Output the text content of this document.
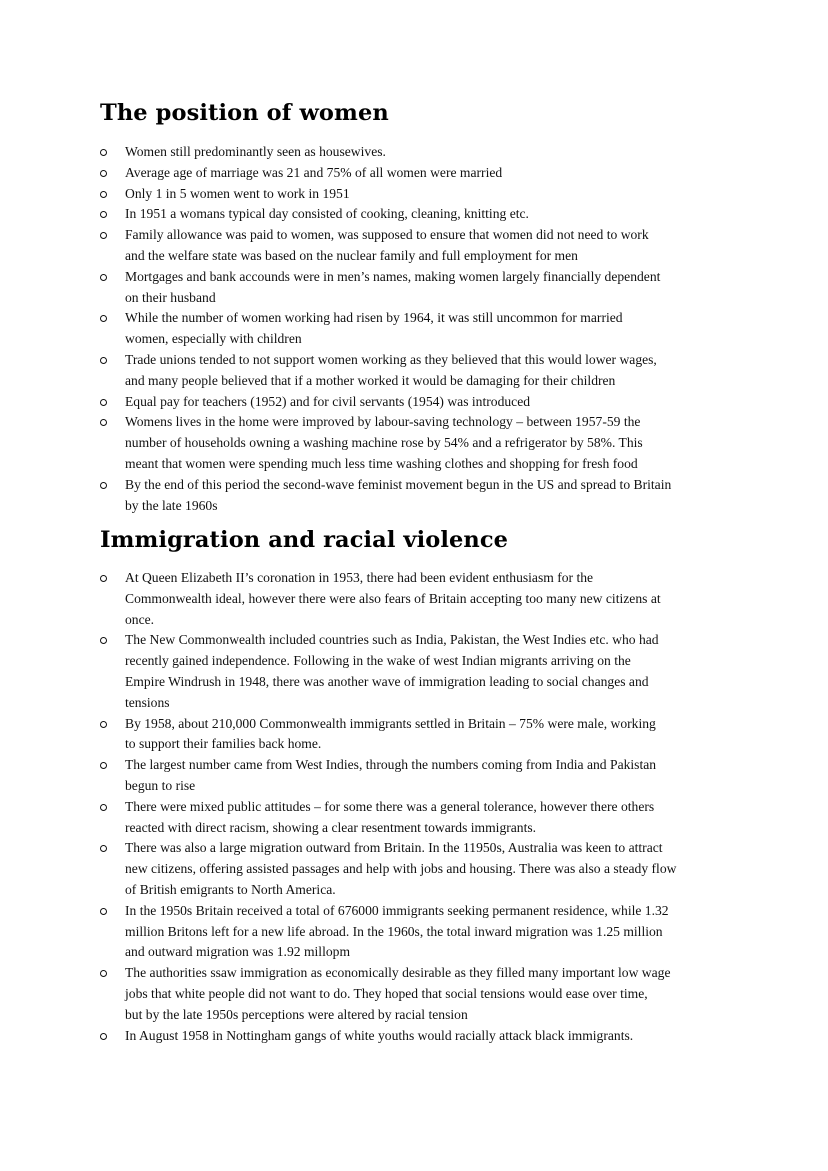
The position of women
Women still predominantly seen as housewives.
Average age of marriage was 21 and 75% of all women were married
Only 1 in 5 women went to work in 1951
In 1951 a womans typical day consisted of cooking, cleaning, knitting etc.
Family allowance was paid to women, was supposed to ensure that women did not need to work
and the welfare state was based on the nuclear family and full employment for men
Mortgages and bank accounds were in men’s names, making women largely financially dependent
on their husband
While the number of women working had risen by 1964, it was still uncommon for married
women, especially with children
Trade unions tended to not support women working as they believed that this would lower wages,
and many people believed that if a mother worked it would be damaging for their children
Equal pay for teachers (1952) and for civil servants (1954) was introduced
Womens lives in the home were improved by labour-saving technology – between 1957-59 the
number of households owning a washing machine rose by 54% and a refrigerator by 58%. This
meant that women were spending much less time washing clothes and shopping for fresh food
By the end of this period the second-wave feminist movement begun in the US and spread to Britain
by the late 1960s
Immigration and racial violence
At Queen Elizabeth II’s coronation in 1953, there had been evident enthusiasm for the
Commonwealth ideal, however there were also fears of Britain accepting too many new citizens at
once.
The New Commonwealth included countries such as India, Pakistan, the West Indies etc. who had
recently gained independence. Following in the wake of west Indian migrants arriving on the
Empire Windrush in 1948, there was another wave of immigration leading to social changes and
tensions
By 1958, about 210,000 Commonwealth immigrants settled in Britain – 75% were male, working
to support their families back home.
The largest number came from West Indies, through the numbers coming from India and Pakistan
begun to rise
There were mixed public attitudes – for some there was a general tolerance, however there others
reacted with direct racism, showing a clear resentment towards immigrants.
There was also a large migration outward from Britain. In the 11950s, Australia was keen to attract
new citizens, offering assisted passages and help with jobs and housing. There was also a steady flow
of British emigrants to North America.
In the 1950s Britain received a total of 676000 immigrants seeking permanent residence, while 1.32
million Britons left for a new life abroad. In the 1960s, the total inward migration was 1.25 million
and outward migration was 1.92 millopm
The authorities ssaw immigration as economically desirable as they filled many important low wage
jobs that white people did not want to do. They hoped that social tensions would ease over time,
but by the late 1950s perceptions were altered by racial tension
In August 1958 in Nottingham gangs of white youths would racially attack black immigrants.
